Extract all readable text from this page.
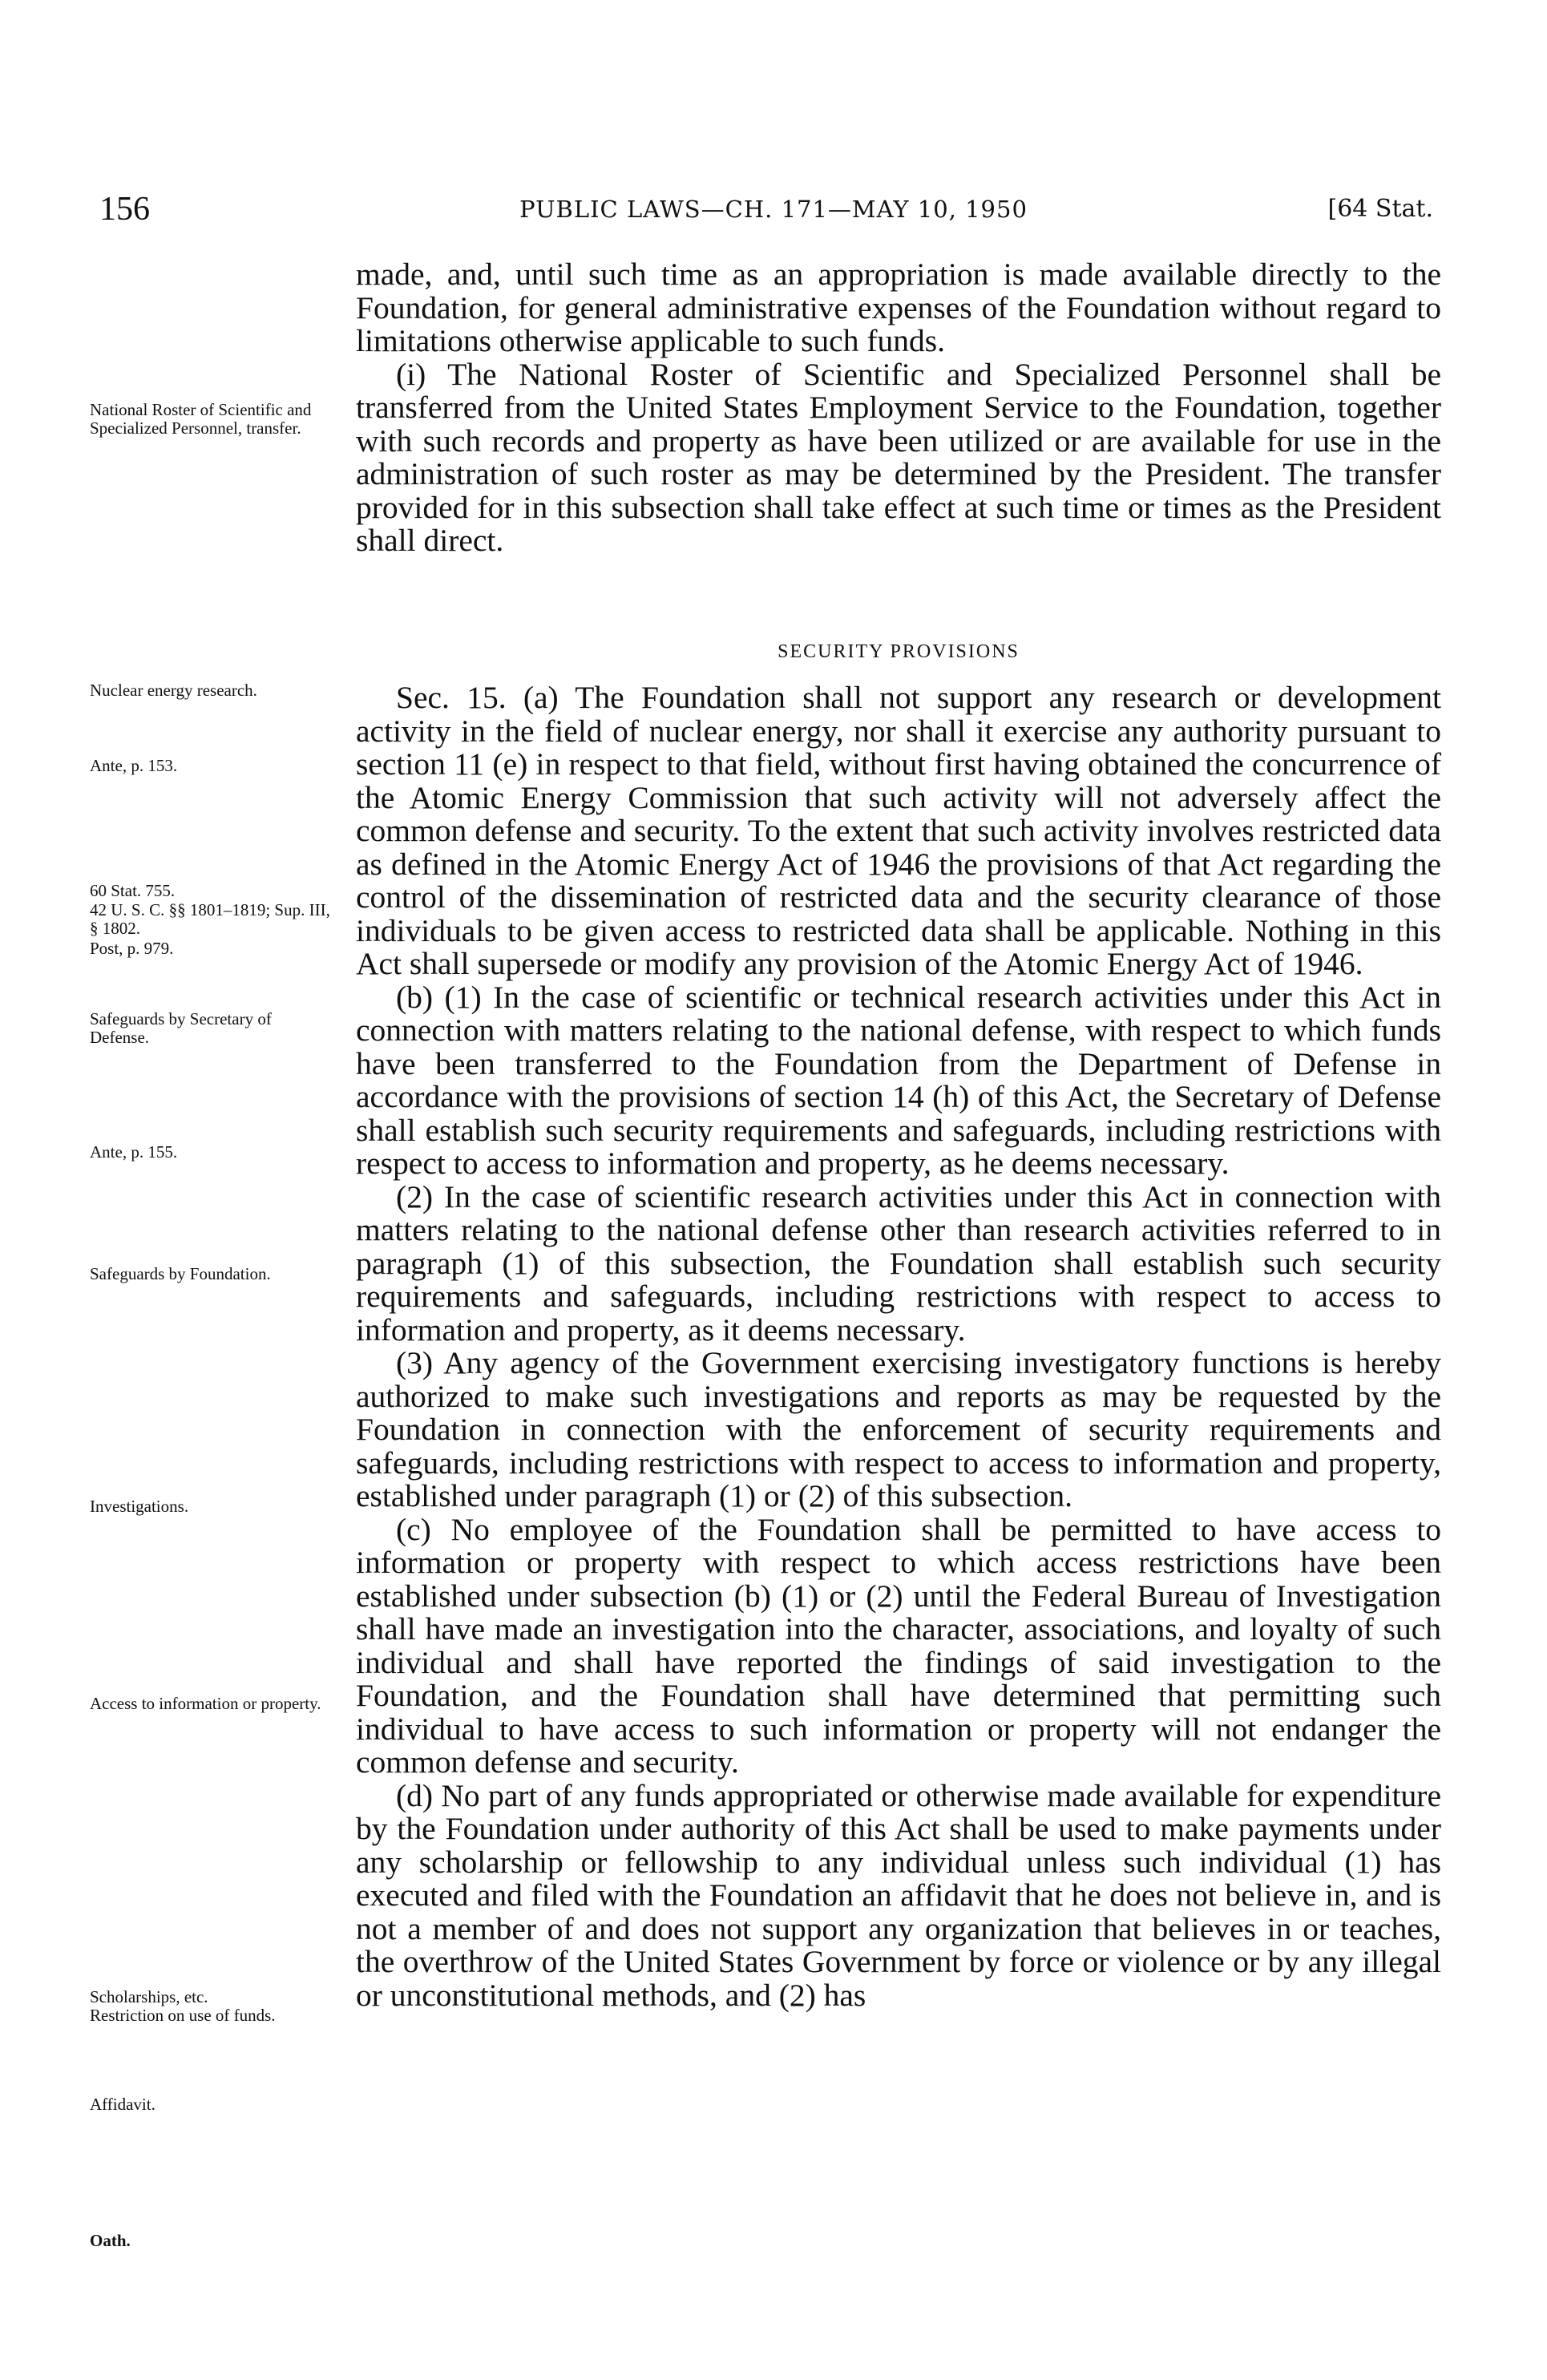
156	PUBLIC LAWS—CH. 171—MAY 10, 1950	[64 Stat.
National Roster of Scientific and Specialized Personnel, transfer.
Nuclear energy research.
Ante, p. 153.
60 Stat. 755.
42 U. S. C. §§ 1801–1819; Sup. III, § 1802.
Post, p. 979.
Safeguards by Secretary of Defense.
Ante, p. 155.
Safeguards by Foundation.
Investigations.
Access to information or property.
Scholarships, etc.
Restriction on use of funds.
Affidavit.
Oath.

made, and, until such time as an appropriation is made available directly to the Foundation, for general administrative expenses of the Foundation without regard to limitations otherwise applicable to such funds.

(i) The National Roster of Scientific and Specialized Personnel shall be transferred from the United States Employment Service to the Foundation, together with such records and property as have been utilized or are available for use in the administration of such roster as may be determined by the President. The transfer provided for in this subsection shall take effect at such time or times as the President shall direct.

SECURITY PROVISIONS

Sec. 15. (a) The Foundation shall not support any research or development activity in the field of nuclear energy, nor shall it exercise any authority pursuant to section 11 (e) in respect to that field, without first having obtained the concurrence of the Atomic Energy Commission that such activity will not adversely affect the common defense and security. To the extent that such activity involves restricted data as defined in the Atomic Energy Act of 1946 the provisions of that Act regarding the control of the dissemination of restricted data and the security clearance of those individuals to be given access to restricted data shall be applicable. Nothing in this Act shall supersede or modify any provision of the Atomic Energy Act of 1946.

(b) (1) In the case of scientific or technical research activities under this Act in connection with matters relating to the national defense, with respect to which funds have been transferred to the Foundation from the Department of Defense in accordance with the provisions of section 14 (h) of this Act, the Secretary of Defense shall establish such security requirements and safeguards, including restrictions with respect to access to information and property, as he deems necessary.

(2) In the case of scientific research activities under this Act in connection with matters relating to the national defense other than research activities referred to in paragraph (1) of this subsection, the Foundation shall establish such security requirements and safeguards, including restrictions with respect to access to information and property, as it deems necessary.

(3) Any agency of the Government exercising investigatory functions is hereby authorized to make such investigations and reports as may be requested by the Foundation in connection with the enforcement of security requirements and safeguards, including restrictions with respect to access to information and property, established under paragraph (1) or (2) of this subsection.

(c) No employee of the Foundation shall be permitted to have access to information or property with respect to which access restrictions have been established under subsection (b) (1) or (2) until the Federal Bureau of Investigation shall have made an investigation into the character, associations, and loyalty of such individual and shall have reported the findings of said investigation to the Foundation, and the Foundation shall have determined that permitting such individual to have access to such information or property will not endanger the common defense and security.

(d) No part of any funds appropriated or otherwise made available for expenditure by the Foundation under authority of this Act shall be used to make payments under any scholarship or fellowship to any individual unless such individual (1) has executed and filed with the Foundation an affidavit that he does not believe in, and is not a member of and does not support any organization that believes in or teaches, the overthrow of the United States Government by force or violence or by any illegal or unconstitutional methods, and (2) has
